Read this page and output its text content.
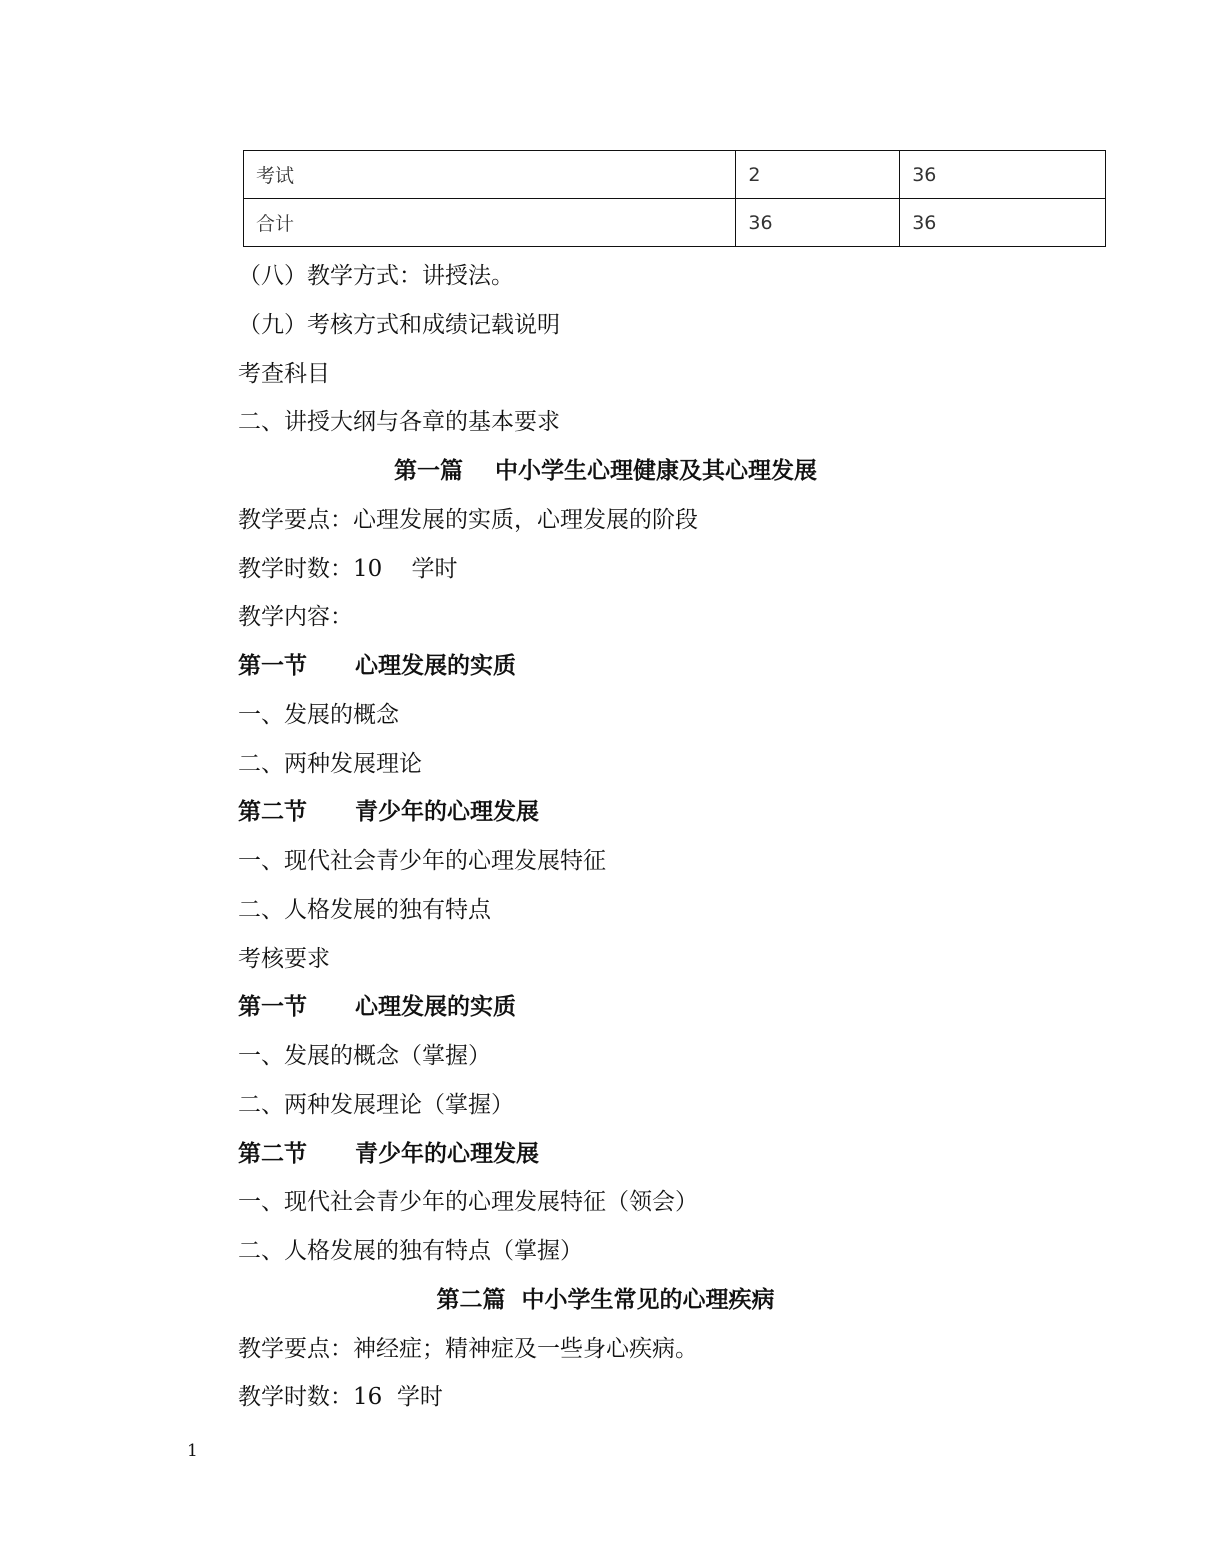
考试	2	36
合计	36	36
（八）教学方式：讲授法。
（九）考核方式和成绩记载说明
考查科目
二、讲授大纲与各章的基本要求
第一篇    中小学生心理健康及其心理发展
教学要点：心理发展的实质，心理发展的阶段
教学时数：10    学时
教学内容：
第一节      心理发展的实质
一、发展的概念
二、两种发展理论
第二节      青少年的心理发展
一、现代社会青少年的心理发展特征
二、人格发展的独有特点
考核要求
第一节      心理发展的实质
一、发展的概念（掌握）
二、两种发展理论（掌握）
第二节      青少年的心理发展
一、现代社会青少年的心理发展特征（领会）
二、人格发展的独有特点（掌握）
第二篇  中小学生常见的心理疾病
教学要点：神经症；精神症及一些身心疾病。
教学时数：16  学时
1
